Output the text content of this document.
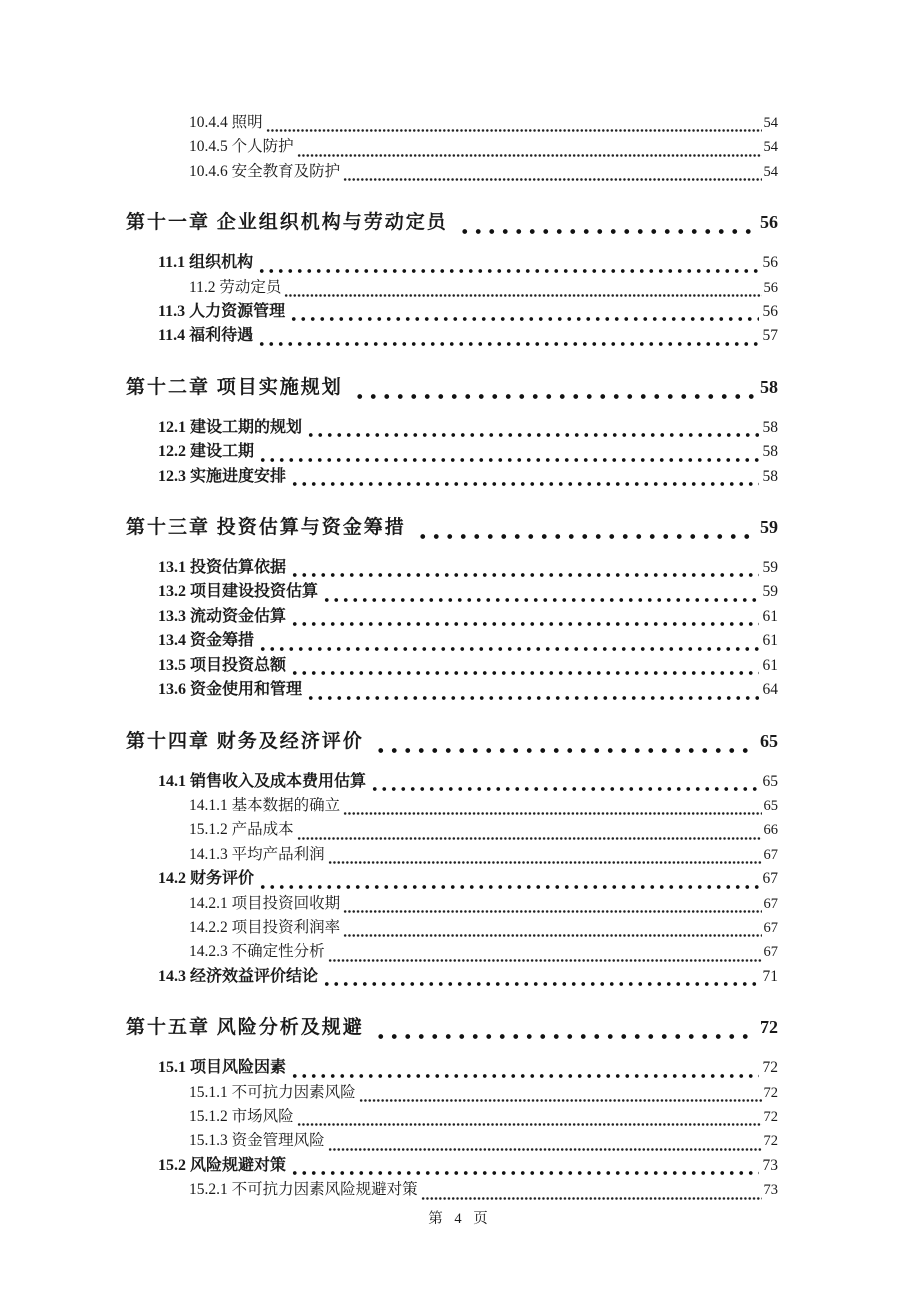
10.4.4 照明	54
10.4.5 个人防护	54
10.4.6 安全教育及防护	54
第十一章 企业组织机构与劳动定员	56
11.1 组织机构	56
11.2 劳动定员	56
11.3 人力资源管理	56
11.4 福利待遇	57
第十二章 项目实施规划	58
12.1 建设工期的规划	58
12.2 建设工期	58
12.3 实施进度安排	58
第十三章 投资估算与资金筹措	59
13.1 投资估算依据	59
13.2 项目建设投资估算	59
13.3 流动资金估算	61
13.4 资金筹措	61
13.5 项目投资总额	61
13.6 资金使用和管理	64
第十四章 财务及经济评价	65
14.1 销售收入及成本费用估算	65
14.1.1 基本数据的确立	65
15.1.2 产品成本	66
14.1.3 平均产品利润	67
14.2 财务评价	67
14.2.1 项目投资回收期	67
14.2.2 项目投资利润率	67
14.2.3 不确定性分析	67
14.3 经济效益评价结论	71
第十五章 风险分析及规避	72
15.1 项目风险因素	72
15.1.1 不可抗力因素风险	72
15.1.2 市场风险	72
15.1.3 资金管理风险	72
15.2 风险规避对策	73
15.2.1 不可抗力因素风险规避对策	73
第 4 页
